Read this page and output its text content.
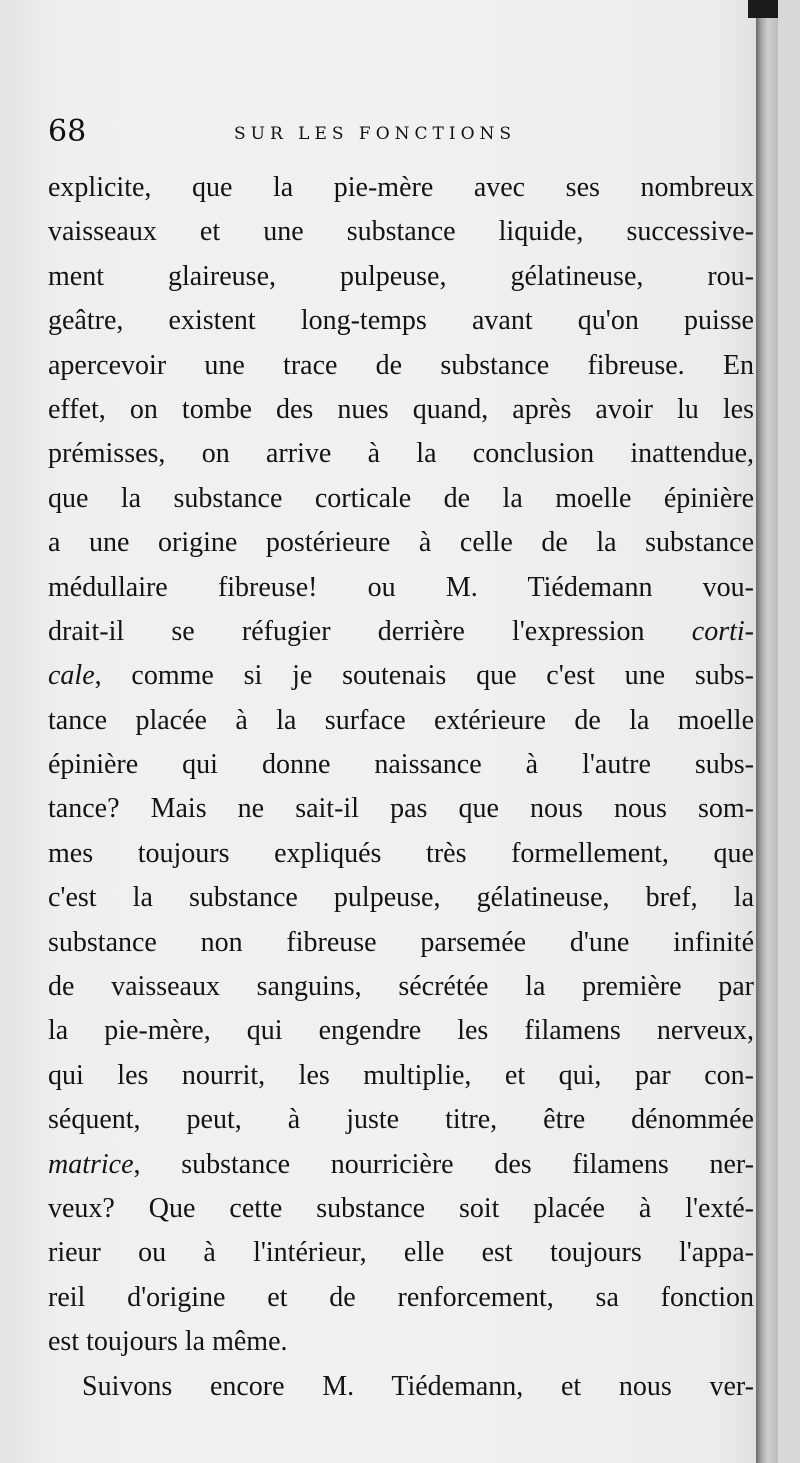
68	SUR LES FONCTIONS
explicite, que la pie-mère avec ses nombreux
vaisseaux et une substance liquide, successive-
ment glaireuse, pulpeuse, gélatineuse, rou-
geâtre, existent long-temps avant qu'on puisse
apercevoir une trace de substance fibreuse. En
effet, on tombe des nues quand, après avoir lu les
prémisses, on arrive à la conclusion inattendue,
que la substance corticale de la moelle épinière
a une origine postérieure à celle de la substance
médullaire fibreuse! ou M. Tiédemann vou-
drait-il se réfugier derrière l'expression corti-
cale, comme si je soutenais que c'est une subs-
tance placée à la surface extérieure de la moelle
épinière qui donne naissance à l'autre subs-
tance? Mais ne sait-il pas que nous nous som-
mes toujours expliqués très formellement, que
c'est la substance pulpeuse, gélatineuse, bref, la
substance non fibreuse parsemée d'une infinité
de vaisseaux sanguins, sécrétée la première par
la pie-mère, qui engendre les filamens nerveux,
qui les nourrit, les multiplie, et qui, par con-
séquent, peut, à juste titre, être dénommée
matrice, substance nourricière des filamens ner-
veux? Que cette substance soit placée à l'exté-
rieur ou à l'intérieur, elle est toujours l'appa-
reil d'origine et de renforcement, sa fonction
est toujours la même.
Suivons encore M. Tiédemann, et nous ver-
